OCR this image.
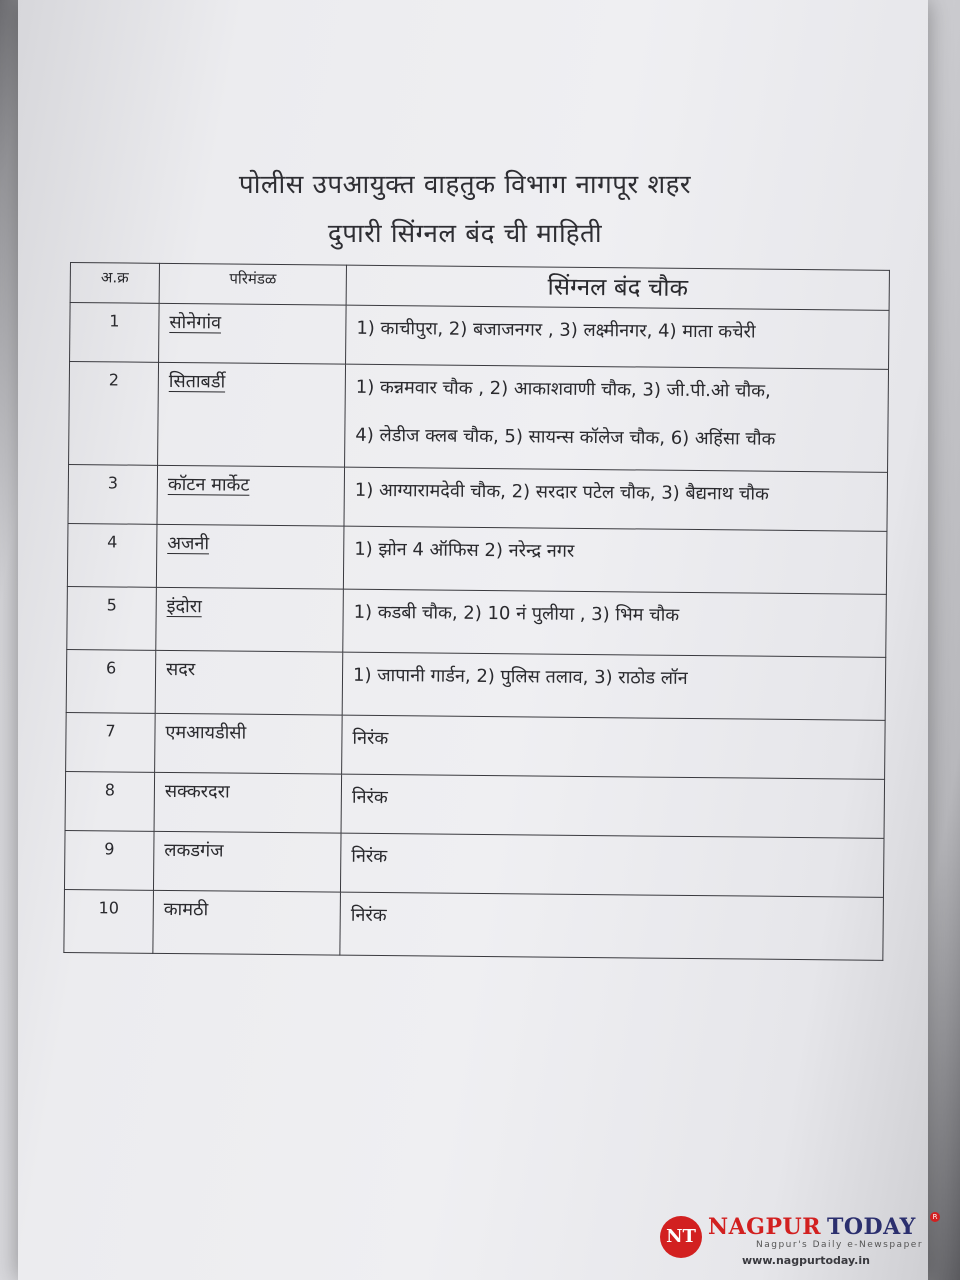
पोलीस उपआयुक्त वाहतुक विभाग नागपूर शहर
दुपारी सिंग्नल बंद ची माहिती
अ.क्र	परिमंडळ	सिंग्नल बंद चौक
1	सोनेगांव	1) काचीपुरा, 2) बजाजनगर , 3) लक्ष्मीनगर, 4) माता कचेरी

2	सिताबर्डी	1) कन्नमवार चौक , 2) आकाशवाणी चौक, 3) जी.पी.ओ चौक,
4) लेडीज क्लब चौक, 5) सायन्स कॉलेज चौक, 6) अहिंसा चौक

3	कॉटन मार्केट	1) आग्यारामदेवी चौक, 2) सरदार पटेल चौक, 3) बैद्यनाथ चौक

4	अजनी	1) झोन 4 ऑफिस 2) नरेन्द्र नगर

5	इंदोरा	1) कडबी चौक, 2) 10 नं पुलीया , 3) भिम चौक

6	सदर	1) जापानी गार्डन, 2) पुलिस तलाव, 3) राठोड लॉन

7	एमआयडीसी	निरंक

8	सक्करदरा	निरंक

9	लकडगंज	निरंक

10	कामठी	निरंक
NT NAGPUR TODAY	R
Nagpur's Daily e-Newspaper
www.nagpurtoday.in
